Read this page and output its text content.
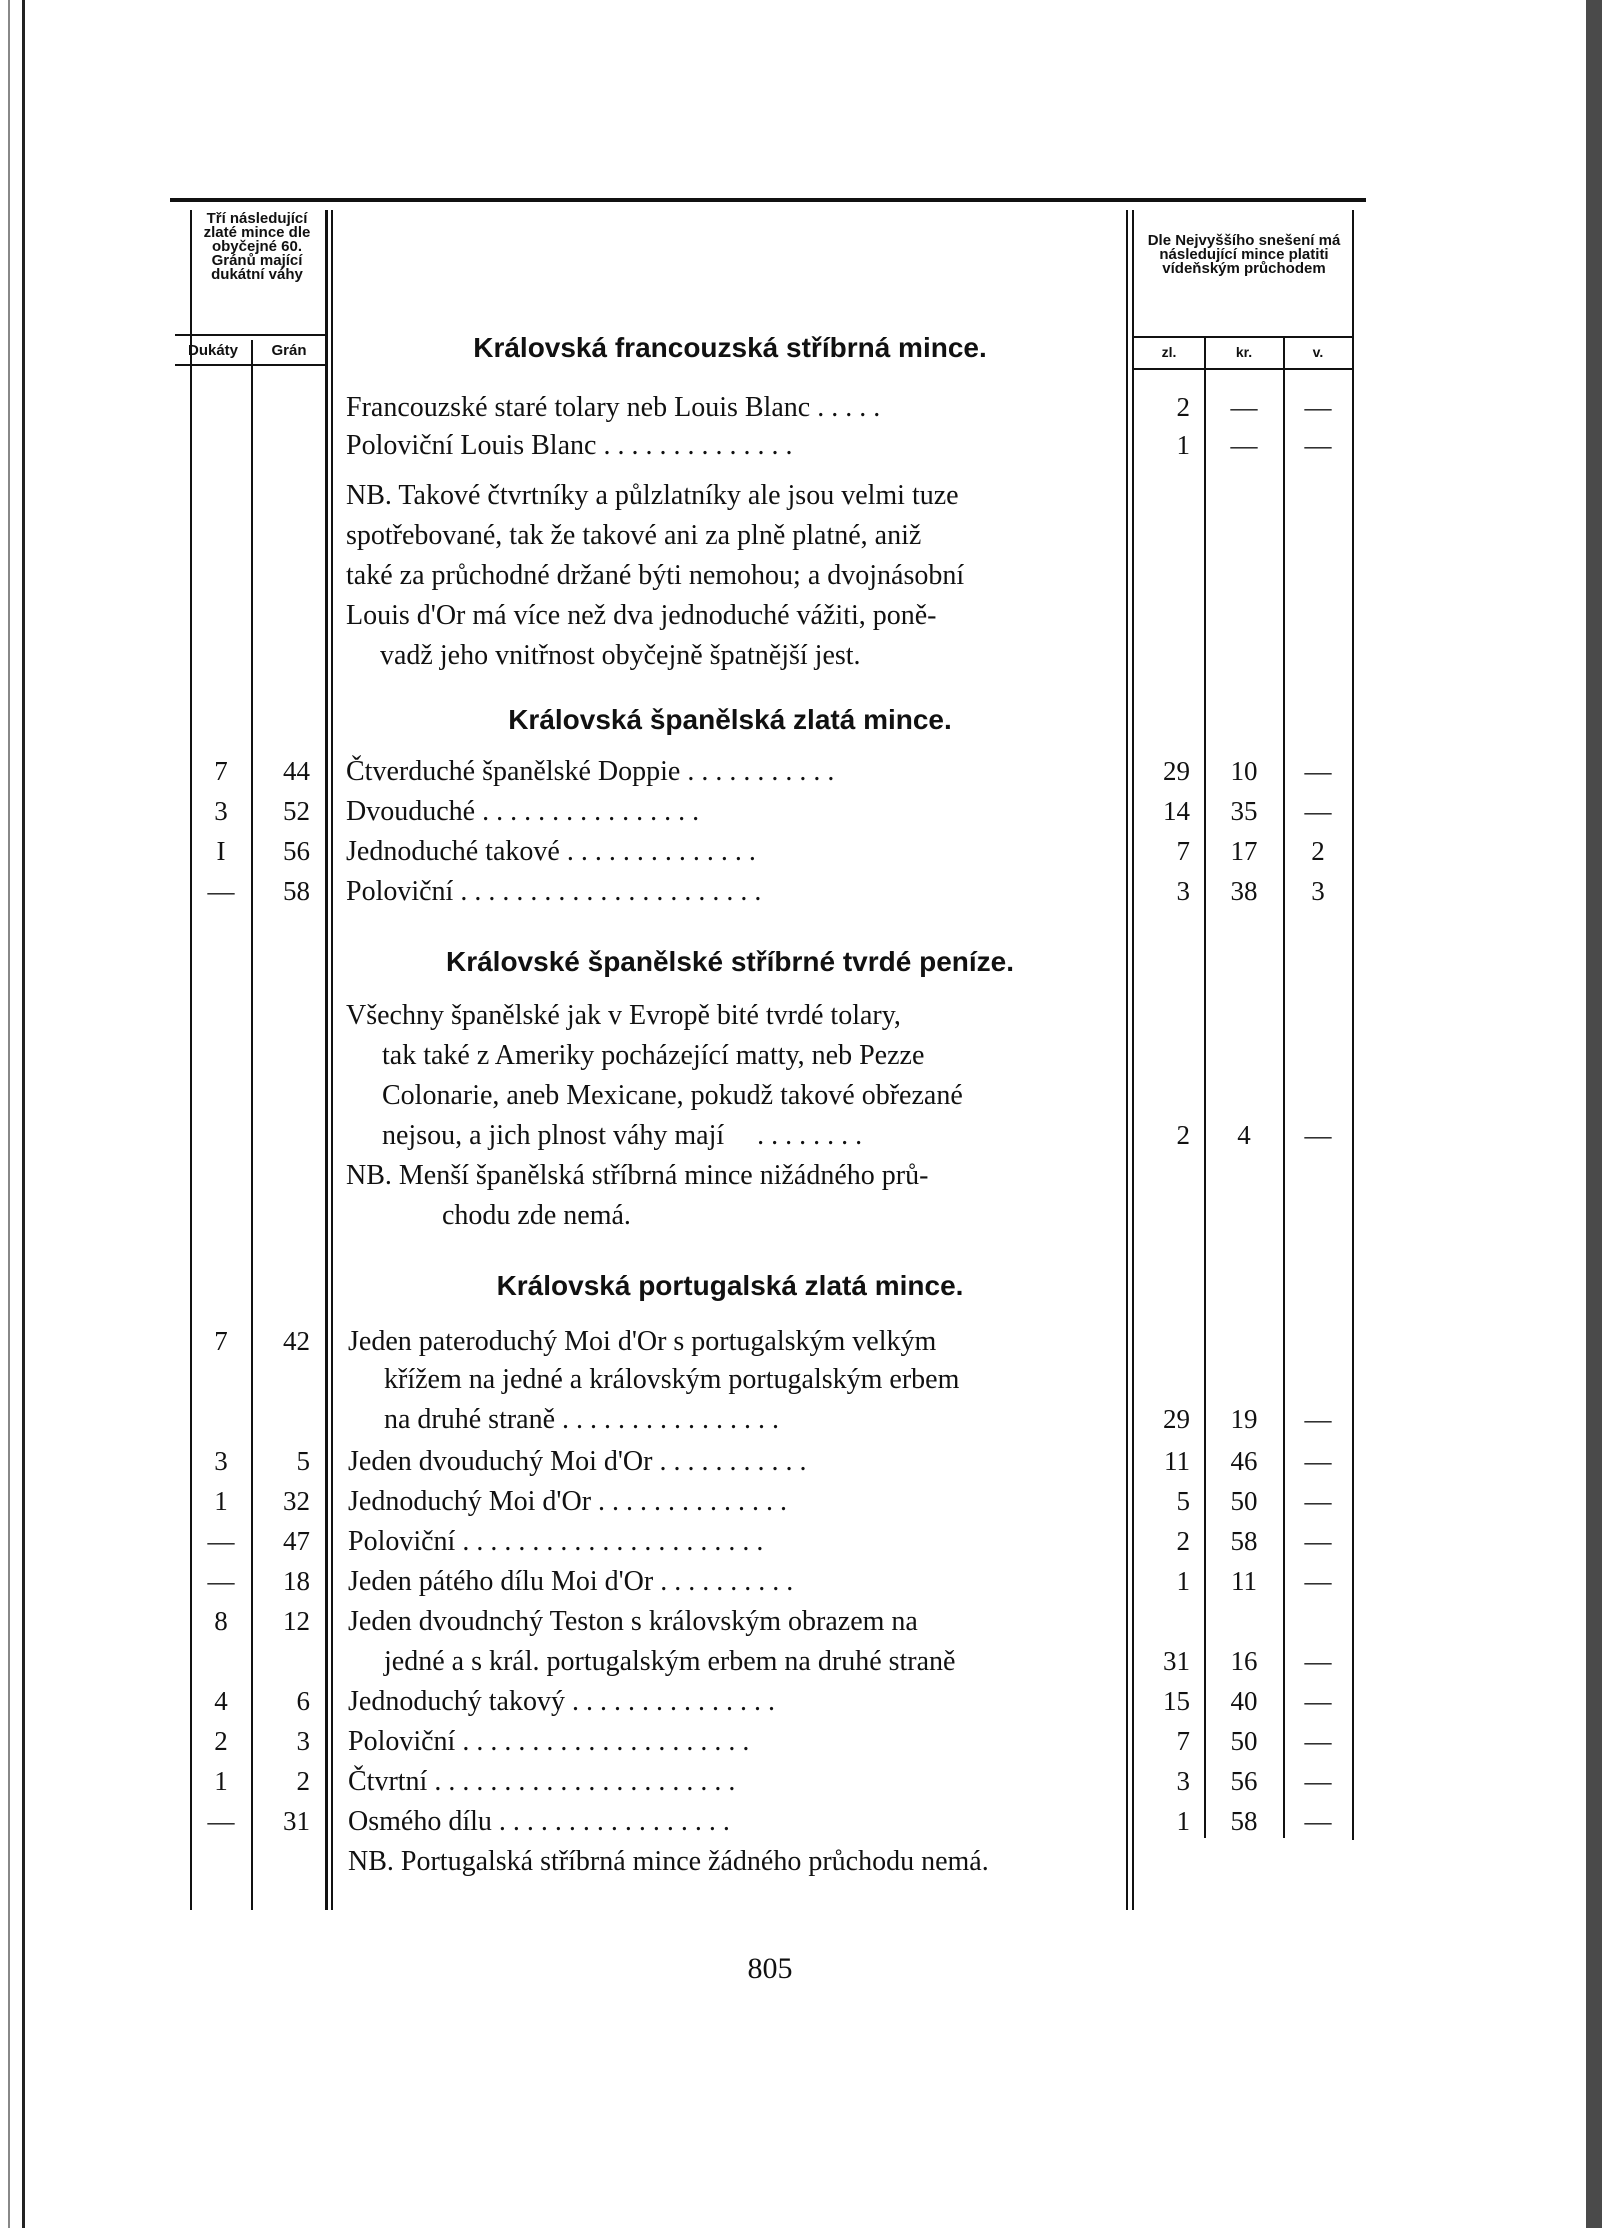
Tří následující zlaté mince dle obyčejné 60. Gránů mající dukátní váhy
Dukáty	Grán
Dle Nejvyššího snešení má následující mince platiti vídeňským průchodem
zl.	kr.	v.
Královská francouzská stříbrná mince.
Francouzské staré tolary neb Louis Blanc .....	2	—	—
Poloviční Louis Blanc ..............	1	—	—
NB. Takové čtvrtníky a půlzlatníky ale jsou velmi tuze
spotřebované, tak že takové ani za plně platné, aniž
také za průchodné držané býti nemohou; a dvojnásobní
Louis d'Or má více než dva jednoduché vážiti, poně-
vadž jeho vnitřnost obyčejně špatnější jest.
Královská španělská zlatá mince.
7	44 Čtverduché španělské Doppie ...........	29	10	—
3	52 Dvouduché ................	14	35	—
I	56 Jednoduché takové ..............	7	17	2
—	58 Poloviční ......................	3	38	3
Královské španělské stříbrné tvrdé peníze.
Všechny španělské jak v Evropě bité tvrdé tolary,
tak také z Ameriky pocházející matty, neb Pezze
Colonarie, aneb Mexicane, pokudž takové obřezané
nejsou, a jich plnost váhy mají ........	2	4	—
NB. Menší španělská stříbrná mince nižádného prů-
chodu zde nemá.
Královská portugalská zlatá mince.
7	42 Jeden pateroduchý Moi d'Or s portugalským velkým
křížem na jedné a královským portugalským erbem
na druhé straně ................	29	19	—
3	5 Jeden dvouduchý Moi d'Or ...........	11	46	—
1	32 Jednoduchý Moi d'Or ..............	5	50	—
—	47 Poloviční ......................	2	58	—
—	18 Jeden pátého dílu Moi d'Or ..........	1	11	—
8	12 Jeden dvoudnchý Teston s královským obrazem na
jedné a s král. portugalským erbem na druhé straně	31	16	—
4	6 Jednoduchý takový ...............	15	40	—
2	3 Poloviční .....................	7	50	—
1	2 Čtvrtní ......................	3	56	—
—	31 Osmého dílu .................	1	58	—
NB. Portugalská stříbrná mince žádného průchodu nemá.
805
